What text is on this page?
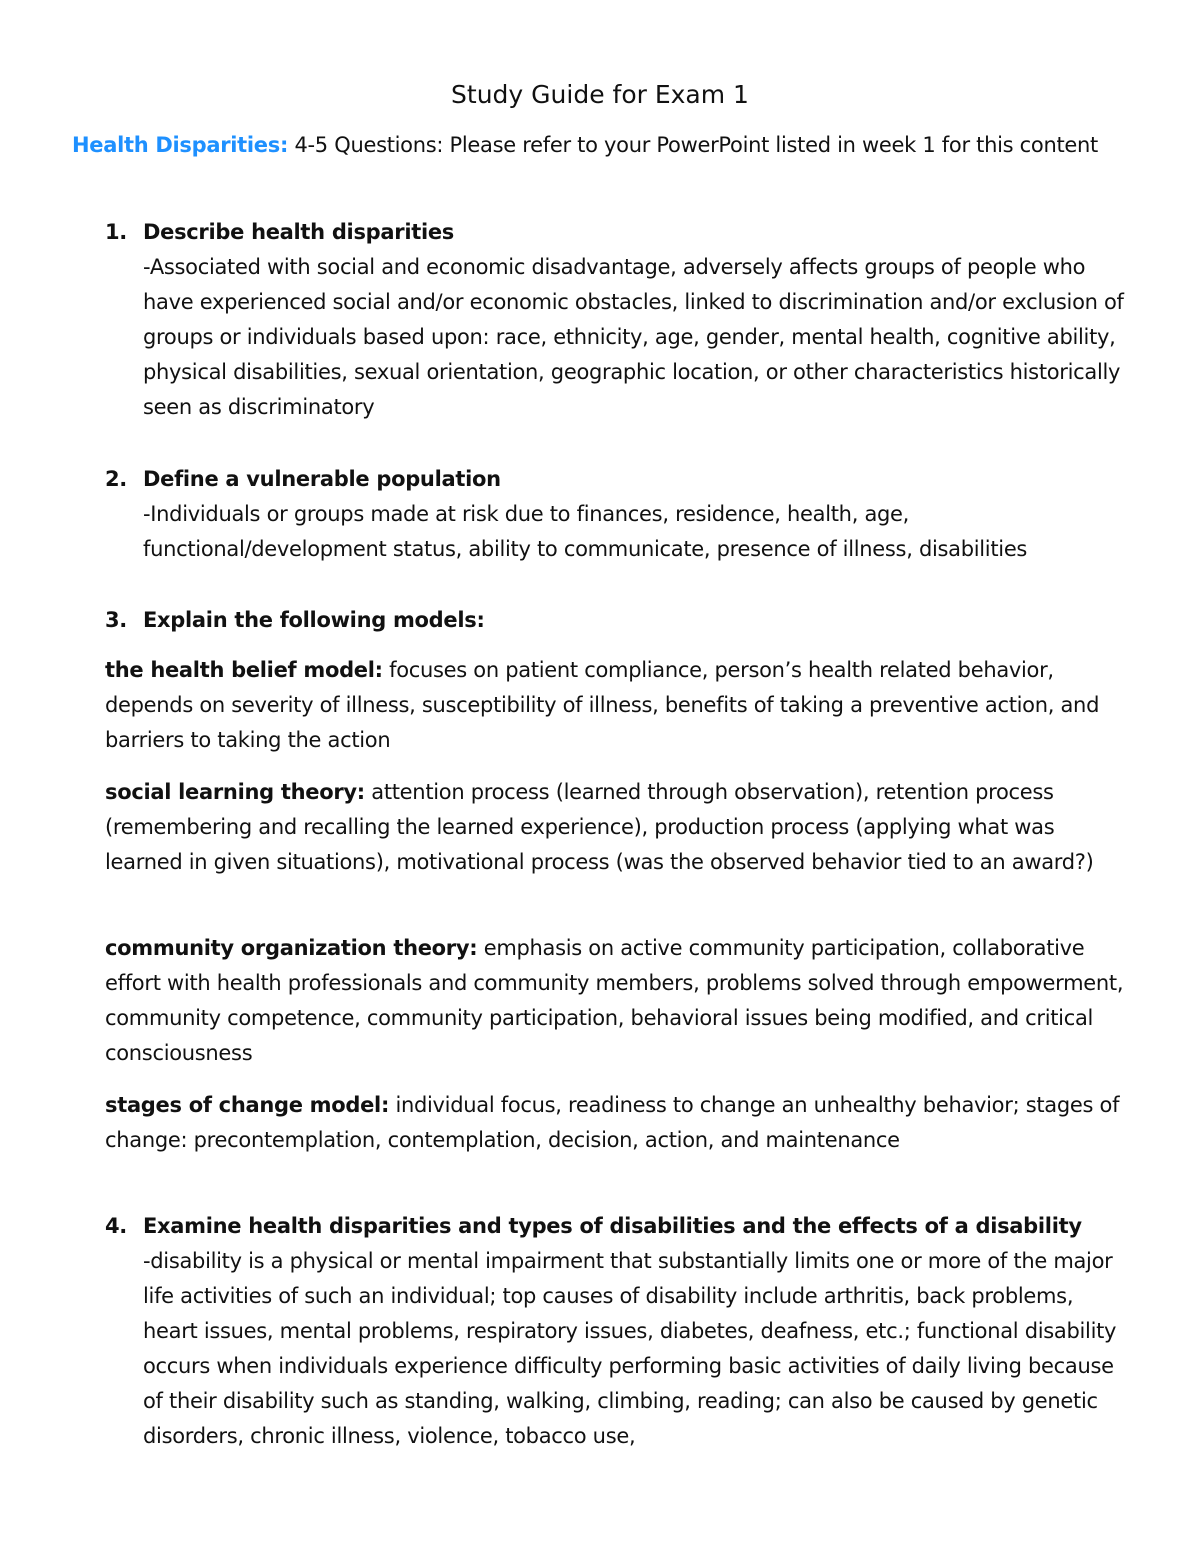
Study Guide for Exam 1
Health Disparities: 4-5 Questions: Please refer to your PowerPoint listed in week 1 for this content
1. Describe health disparities
-Associated with social and economic disadvantage, adversely affects groups of people who have experienced social and/or economic obstacles, linked to discrimination and/or exclusion of groups or individuals based upon: race, ethnicity, age, gender, mental health, cognitive ability, physical disabilities, sexual orientation, geographic location, or other characteristics historically seen as discriminatory
2. Define a vulnerable population
-Individuals or groups made at risk due to finances, residence, health, age, functional/development status, ability to communicate, presence of illness, disabilities
3. Explain the following models:
the health belief model: focuses on patient compliance, person’s health related behavior, depends on severity of illness, susceptibility of illness, benefits of taking a preventive action, and barriers to taking the action
social learning theory: attention process (learned through observation), retention process (remembering and recalling the learned experience), production process (applying what was learned in given situations), motivational process (was the observed behavior tied to an award?)
community organization theory: emphasis on active community participation, collaborative effort with health professionals and community members, problems solved through empowerment, community competence, community participation, behavioral issues being modified, and critical consciousness
stages of change model: individual focus, readiness to change an unhealthy behavior; stages of change: precontemplation, contemplation, decision, action, and maintenance
4. Examine health disparities and types of disabilities and the effects of a disability
-disability is a physical or mental impairment that substantially limits one or more of the major life activities of such an individual; top causes of disability include arthritis, back problems, heart issues, mental problems, respiratory issues, diabetes, deafness, etc.; functional disability occurs when individuals experience difficulty performing basic activities of daily living because of their disability such as standing, walking, climbing, reading; can also be caused by genetic disorders, chronic illness, violence, tobacco use,
